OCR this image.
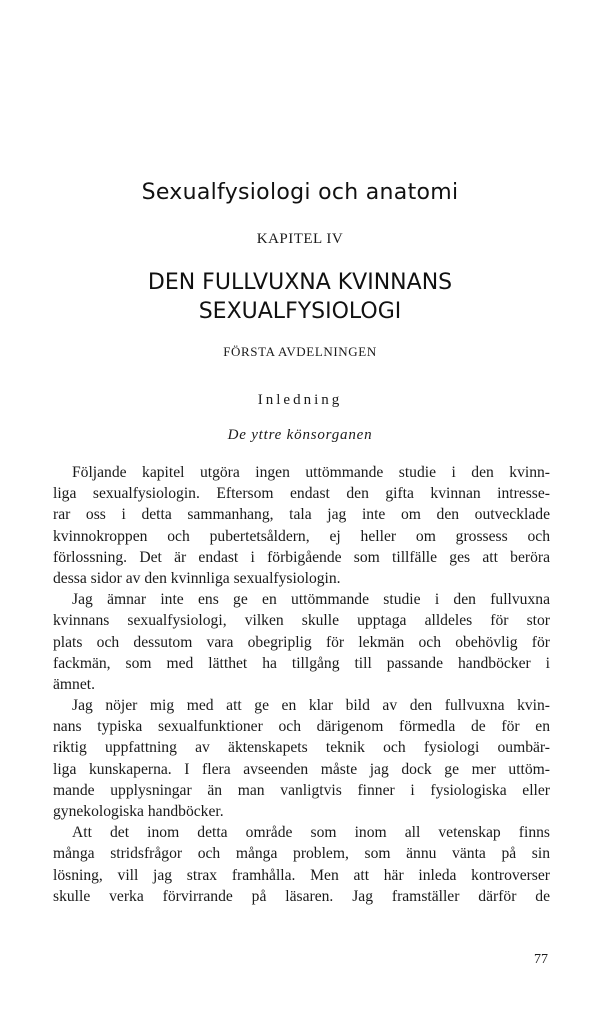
Sexualfysiologi och anatomi
KAPITEL IV
DEN FULLVUXNA KVINNANS
SEXUALFYSIOLOGI
FÖRSTA AVDELNINGEN
Inledning
De yttre könsorganen
Följande kapitel utgöra ingen uttömmande studie i den kvinn-
liga sexualfysiologin. Eftersom endast den gifta kvinnan intresse-
rar oss i detta sammanhang, tala jag inte om den outvecklade
kvinnokroppen och pubertetsåldern, ej heller om grossess och
förlossning. Det är endast i förbigående som tillfälle ges att beröra
dessa sidor av den kvinnliga sexualfysiologin.
Jag ämnar inte ens ge en uttömmande studie i den fullvuxna
kvinnans sexualfysiologi, vilken skulle upptaga alldeles för stor
plats och dessutom vara obegriplig för lekmän och obehövlig för
fackmän, som med lätthet ha tillgång till passande handböcker i
ämnet.
Jag nöjer mig med att ge en klar bild av den fullvuxna kvin-
nans typiska sexualfunktioner och därigenom förmedla de för en
riktig uppfattning av äktenskapets teknik och fysiologi oumbär-
liga kunskaperna. I flera avseenden måste jag dock ge mer uttöm-
mande upplysningar än man vanligtvis finner i fysiologiska eller
gynekologiska handböcker.
Att det inom detta område som inom all vetenskap finns
många stridsfrågor och många problem, som ännu vänta på sin
lösning, vill jag strax framhålla. Men att här inleda kontroverser
skulle verka förvirrande på läsaren. Jag framställer därför de
77
